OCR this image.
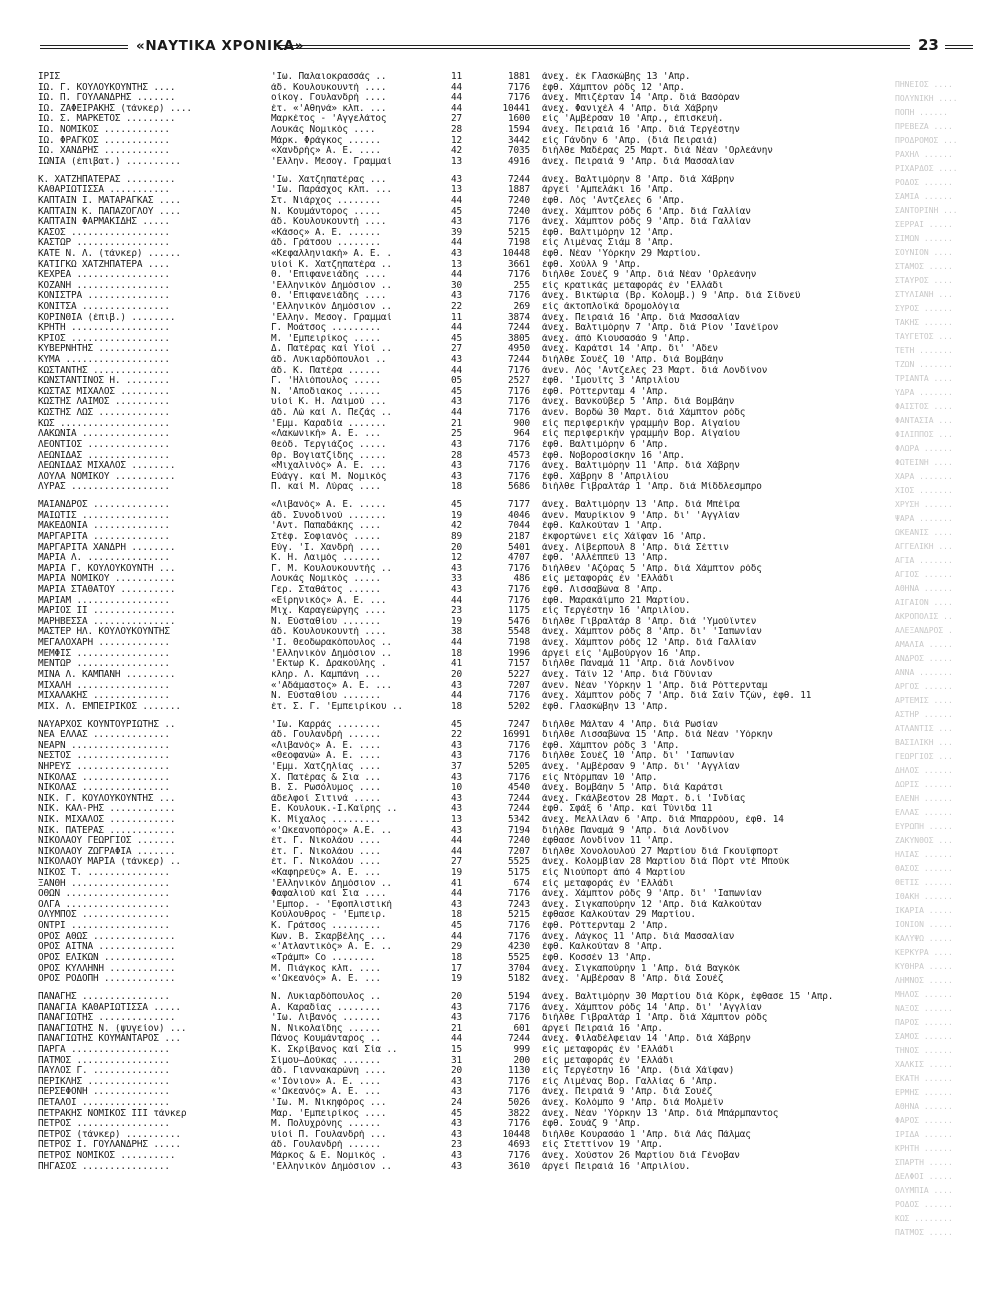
«ΝΑΥΤΙΚΑ ΧΡΟΝΙΚΑ»	23
ΠΗΝΕΙΟΣ ....
ΠΟΛΥΝΙΚΗ ....
ΠΟΠΗ ......
ΠΡΕΒΕΖΑ ....
ΠΡΟΔΡΟΜΟΣ ...
ΡΑΧΗΛ ......
ΡΙΧΑΡΔΟΣ ....
ΡΟΔΟΣ ......
ΣΑΜΙΑ ......
ΣΑΝΤΟΡΙΝΗ ...
ΣΕΡΡΑΙ .....
ΣΙΜΩΝ ......
ΣΟΥΝΙΟΝ ....
ΣΤΑΜΟΣ .....
ΣΤΑΥΡΟΣ ....
ΣΤΥΛΙΑΝΗ ...
ΣΥΡΟΣ ......
ΤΑΚΗΣ ......
ΤΑΥΓΕΤΟΣ ...
ΤΕΤΗ .......
ΤΖΩΝ .......
ΤΡΙΑΝΤΑ ....
ΥΔΡΑ .......
ΦΑΙΣΤΟΣ ....
ΦΑΝΤΑΣΙΑ ...
ΦΙΛΙΠΠΟΣ ...
ΦΛΩΡΑ ......
ΦΩΤΕΙΝΗ ....
ΧΑΡΑ .......
ΧΙΟΣ .......
ΧΡΥΣΗ ......
ΨΑΡΑ .......
ΩΚΕΑΝΙΣ ....
ΑΓΓΕΛΙΚΗ ...
ΑΓΙΑ .......
ΑΓΙΟΣ ......
ΑΘΗΝΑ ......
ΑΙΓΑΙΟΝ ....
ΑΚΡΟΠΟΛΙΣ ..
ΑΛΕΞΑΝΔΡΟΣ .
ΑΜΑΛΙΑ .....
ΑΝΔΡΟΣ .....
ΑΝΝΑ .......
ΑΡΓΟΣ ......
ΑΡΤΕΜΙΣ ....
ΑΣΤΗΡ ......
ΑΤΛΑΝΤΙΣ ...
ΒΑΣΙΛΙΚΗ ...
ΓΕΩΡΓΙΟΣ ...
ΔΗΛΟΣ ......
ΔΩΡΙΣ ......
ΕΛΕΝΗ ......
ΕΛΛΑΣ ......
ΕΥΡΩΠΗ .....
ΖΑΚΥΝΘΟΣ ...
ΗΛΙΑΣ ......
ΘΑΣΟΣ ......
ΘΕΤΙΣ ......
ΙΘΑΚΗ ......
ΙΚΑΡΙΑ .....
ΙΟΝΙΟΝ .....
ΚΑΛΥΨΩ .....
ΚΕΡΚΥΡΑ ....
ΚΥΘΗΡΑ .....
ΛΗΜΝΟΣ .....
ΜΗΛΟΣ ......
ΝΑΞΟΣ ......
ΠΑΡΟΣ ......
ΣΑΜΟΣ ......
ΤΗΝΟΣ ......
ΧΑΛΚΙΣ .....
ΕΚΑΤΗ ......
ΕΡΜΗΣ ......
ΑΘΗΝΑ ......
ΦΑΡΟΣ ......
ΙΡΙΔΑ ......
ΚΡΗΤΗ ......
ΣΠΑΡΤΗ .....
ΔΕΛΦΟΙ .....
ΟΛΥΜΠΙΑ ....
ΡΟΔΟΣ ......
ΚΩΣ ........
ΠΑΤΜΟΣ .....
ΙΡΙΣ	'Ιω. Παλαιοκρασσάς ..	11	1881	άνεχ. έκ Γλασκώβης 13 'Απρ.
ΙΩ. Γ. ΚΟΥΛΟΥΚΟΥΝΤΗΣ ....	άδ. Κουλουκουντή ....	44	7176	έφθ. Χάμπτον ρόδς 12 'Απρ.
ΙΩ. Π. ΓΟΥΛΑΝΔΡΗΣ .......	οίκογ. Γουλανδρή ....	44	7176	άνεχ. Μπιζέρταν 14 'Απρ. διά Βασόραν
ΙΩ. ΖΑΦΕΙΡΑΚΗΣ (τάνκερ) ....	έτ. «'Αθηνά» κλπ. ...	44	10441	άνεχ. Φανιχέλ 4 'Απρ. διά Χάβρην
ΙΩ. Σ. ΜΑΡΚΕΤΟΣ .........	Μαρκέτος - 'Αγγελάτος	27	1600	είς 'Αμβέρσαν 10 'Απρ., έπισκευή.
ΙΩ. ΝΟΜΙΚΟΣ ............	Λουκάς Νομικός ....	28	1594	άνεχ. Πειραιά 16 'Απρ. διά Τεργέστην
ΙΩ. ΦΡΑΓΚΟΣ ............	Μάρκ. Φράγκος ......	12	3442	είς Γάνδην 6 'Απρ. (διά Πειραιά)
ΙΩ. ΧΑΝΔΡΗΣ ............	«Χανδρής» Α. Ε. ....	42	7035	διήλθε Μαδέρας 25 Μαρτ. διά Νέαν 'Ορλεάνην
ΙΩΝΙΑ (έπιβατ.) ..........	'Ελλην. Μεσογ. Γραμμαί	13	4916	άνεχ. Πειραιά 9 'Απρ. διά Μασσαλίαν
Κ. ΧΑΤΖΗΠΑΤΕΡΑΣ .........	'Ιω. Χατζηπατέρας ...	43	7244	άνεχ. Βαλτιμόρην 8 'Απρ. διά Χάβρην
ΚΑΘΑΡΙΩΤΙΣΣΑ ...........	'Ιω. Παράσχος κλπ. ...	13	1887	άργεί 'Αμπελάκι 16 'Απρ.
ΚΑΠΤΑΙΝ Ι. ΜΑΤΑΡΑΓΚΑΣ ....	Στ. Νιάρχος ........	44	7240	έφθ. Λός 'Αντζελες 6 'Απρ.
ΚΑΠΤΑΙΝ Κ. ΠΑΠΑΖΟΓΛΟΥ ....	Ν. Κουμάντορος .....	45	7240	άνεχ. Χάμπτον ρόδς 6 'Απρ. διά Γαλλίαν
ΚΑΠΤΑΙΝ ΦΑΡΜΑΚΙΔΗΣ .....	άδ. Κουλουκουντή ....	43	7176	άνεχ. Χάμπτον ρόδς 9 'Απρ. διά Γαλλίαν
ΚΑΣΟΣ ..................	«Κάσος» Α. Ε. ......	39	5215	έφθ. Βαλτιμόρην 12 'Απρ.
ΚΑΣΤΩΡ .................	άδ. Γράτσου ........	44	7198	είς Λιμένας Σιάμ 8 'Απρ.
ΚΑΤΕ Ν. Λ. (τάνκερ) ......	«Κεφαλληνιακή» Α. Ε. .	43	10448	έφθ. Νέαν 'Υόρκην 29 Μαρτίου.
ΚΑΤΙΓΚΩ ΧΑΤΖΗΠΑΤΕΡΑ ....	υίοί Κ. Χατζηπατέρα ..	13	3661	έφθ. Χούλλ 9 'Απρ.
ΚΕΧΡΕΑ .................	Θ. 'Επιφανειάδης ....	44	7176	διήλθε Σουέζ 9 'Απρ. διά Νέαν 'Ορλεάνην
ΚΟΖΑΝΗ .................	'Ελληνικόν Δημόσιον ..	30	255	είς κρατικάς μεταφοράς έν 'Ελλάδι
ΚΟΝΙΣΤΡΑ ...............	Θ. 'Επιφανειάδης ....	43	7176	άνεχ. Βικτώρια (Βρ. Κολομβ.) 9 'Απρ. διά Σίδνεϋ
ΚΟΝΙΤΣΑ ................	'Ελληνικόν Δημόσιον ..	22	269	είς άκτοπλοϊκά δρομολόγια
ΚΟΡΙΝΘΙΑ (έπιβ.) ........	'Ελλην. Μεσογ. Γραμμαί	11	3874	άνεχ. Πειραιά 16 'Απρ. διά Μασσαλίαν
ΚΡΗΤΗ ..................	Γ. Μοάτσος .........	44	7244	άνεχ. Βαλτιμόρην 7 'Απρ. διά Ρίον 'Ιανέϊρον
ΚΡΙΟΣ ..................	Μ. 'Εμπειρίκος .....	45	3805	άνεχ. άπό Κιουσασάο 9 'Απρ.
ΚΥΒΕΡΝΗΤΗΣ .............	Δ. Πατέρας καί Υίοί ..	27	4950	άνεχ. Καράτσι 14 'Απρ. δι' 'Αδεν
ΚΥΜΑ ...................	άδ. Λυκιαρδόπουλοι ..	43	7244	διήλθε Σουέζ 10 'Απρ. διά Βομβάην
ΚΩΣΤΑΝΤΗΣ ..............	άδ. Κ. Πατέρα ......	44	7176	άνεν. Λός 'Αντζελες 23 Μαρτ. διά Λονδίνον
ΚΩΝΣΤΑΝΤΙΝΟΣ Η. ........	Γ. 'Ηλιόπουλος .....	05	2527	έφθ. 'Ιμουϊτς 3 'Απριλίου
ΚΩΣΤΑΣ ΜΙΧΑΛΟΣ .........	Ν. 'Αποδιακος ......	45	7176	έφθ. Ρόττερνταμ 4 'Απρ.
ΚΩΣΤΗΣ ΛΑΙΜΟΣ ..........	υίοί Κ. Η. Λαιμού ...	43	7176	άνεχ. Βανκούβερ 5 'Απρ. διά Βομβάην
ΚΩΣΤΗΣ ΛΩΣ .............	άδ. Λώ καί Λ. Πεζάς ..	44	7176	άνεν. Βορδώ 30 Μαρτ. διά Χάμπτον ρόδς
ΚΩΣ ....................	'Εμμ. Καραδία .......	21	900	είς περιφερικήν γραμμήν Βορ. Αίγαίου
ΛΑΚΩΝΙΑ ................	«Λακωνική» Α. Ε. ...	25	964	είς περιφερικήν γραμμήν Βορ. Αίγαίου
ΛΕΟΝΤΙΟΣ ...............	Θεόδ. Τεργιάζος .....	43	7176	έφθ. Βαλτιμόρην 6 'Απρ.
ΛΕΩΝΙΔΑΣ ...............	Θρ. Βογιατζίδης .....	28	4573	έφθ. Νοβοροσίσκην 16 'Απρ.
ΛΕΩΝΙΔΑΣ ΜΙΧΑΛΟΣ ........	«Μιχαλινός» Α. Ε. ...	43	7176	άνεχ. Βαλτιμόρην 11 'Απρ. διά Χάβρην
ΛΟΥΛΑ ΝΟΜΙΚΟΥ ...........	Εύάγγ. καί Μ. Νομικός	43	7176	έφθ. Χάβρην 8 'Απριλίου
ΛΥΡΑΣ ..................	Π. καί Μ. Λύρας ....	18	5686	διήλθε Γιβραλτάρ 1 'Απρ. διά Μίδδλεσμπρο
ΜΑΙΑΝΔΡΟΣ ..............	«Λιβανός» Α. Ε. .....	45	7177	άνεχ. Βαλτιμόρην 13 'Απρ. διά Μπέϊρα
ΜΑΙΩΤΙΣ ................	άδ. Συνοδινού .......	19	4046	άνεν. Μαυρίκιον 9 'Απρ. δι' 'Αγγλίαν
ΜΑΚΕΔΟΝΙΑ ..............	'Αντ. Παπαδάκης ....	42	7044	έφθ. Καλκούταν 1 'Απρ.
ΜΑΡΓΑΡΙΤΑ ..............	Στέφ. Σοφιανός .....	89	2187	έκφορτώνει είς Χάϊφαν 16 'Απρ.
ΜΑΡΓΑΡΙΤΑ ΧΑΝΔΡΗ ........	Εύγ. 'Ι. Χανδρή ....	20	5401	άνεχ. Λίβερπουλ 8 'Απρ. διά Σέττιν
ΜΑΡΙΑ Λ. ...............	Κ. Η. Λαιμός .......	12	4707	έφθ. 'Αλλέππεϋ 13 'Απρ.
ΜΑΡΙΑ Γ. ΚΟΥΛΟΥΚΟΥΝΤΗ ...	Γ. Μ. Κουλουκουντής ..	43	7176	διήλθεν 'Αζόρας 5 'Απρ. διά Χάμπτον ρόδς
ΜΑΡΙΑ ΝΟΜΙΚΟΥ ...........	Λουκάς Νομικός .....	33	486	είς μεταφοράς έν 'Ελλάδι
ΜΑΡΙΑ ΣΤΑΘΑΤΟΥ ..........	Γερ. Σταθάτος ......	43	7176	έφθ. Λισσαβώνα 8 'Απρ.
ΜΑΡΙΑΜ .................	«Είρηνικός» Α. Ε. ...	44	7176	έφθ. Μαρακάϊμπο 21 Μαρτίου.
ΜΑΡΙΟΣ ΙΙ ...............	Μιχ. Καραγεώργης ....	23	1175	είς Τεργέστην 16 'Απριλίου.
ΜΑΡΗΒΕΣΣΑ ...............	Ν. Εύσταθίου .......	19	5476	διήλθε Γιβραλτάρ 8 'Απρ. διά 'Υμούϊντεν
ΜΑΣΤΕΡ ΗΛ. ΚΟΥΛΟΥΚΟΥΝΤΗΣ	άδ. Κουλουκουντή ....	38	5548	άνεχ. Χάμπτον ρόδς 8 'Απρ. δι' 'Ιαπωνίαν
ΜΕΓΑΛΟΧΑΡΗ .............	'Ι. Θεοδωρακόπουλος ..	44	7198	άνεχ. Χάμπτον ρόδς 12 'Απρ. διά Γαλλίαν
ΜΕΜΦΙΣ .................	'Ελληνικόν Δημόσιον ..	18	1996	άργεί είς 'Αμβούργον 16 'Απρ.
ΜΕΝΤΩΡ .................	'Εκτωρ Κ. Δρακούλης .	41	7157	διήλθε Παναμά 11 'Απρ. διά Λονδίνον
ΜΙΝΑ Λ. ΚΑΜΠΑΝΗ .........	κληρ. Λ. Καμπάνη ...	20	5227	άνεχ. Τάϊν 12 'Απρ. διά Γδύνιαν
ΜΙΧΑΛΗ .................	«'Αδάμαστος» Α. Ε. ...	43	7207	άνεν. Νέαν 'Υόρκην 1 'Απρ. διά Ρόττερνταμ
ΜΙΧΑΛΑΚΗΣ ..............	Ν. Εύσταθίου .......	44	7176	άνεχ. Χάμπτον ρόδς 7 'Απρ. διά Σαίν Τζών, έφθ. 11
ΜΙΧ. Λ. ΕΜΠΕΙΡΙΚΟΣ .......	έτ. Σ. Γ. 'Εμπειρίκου ..	18	5202	έφθ. Γλασκώβην 13 'Απρ.
ΝΑΥΑΡΧΟΣ ΚΟΥΝΤΟΥΡΙΩΤΗΣ ..	'Ιω. Καρράς ........	45	7247	διήλθε Μάλταν 4 'Απρ. διά Ρωσίαν
ΝΕΑ ΕΛΛΑΣ ..............	άδ. Γουλανδρή ......	22	16991	διήλθε Λισσαβώνα 15 'Απρ. διά Νέαν 'Υόρκην
ΝΕΑΡΝ ..................	«Λιβανός» Α. Ε. ....	43	7176	έφθ. Χάμπτον ρόδς 3 'Απρ.
ΝΕΣΤΟΣ .................	«Θεοφανώ» Α. Ε. ....	43	7176	διήλθε Σουέζ 10 'Απρ. δι' 'Ιαπωνίαν
ΝΗΡΕΥΣ .................	'Εμμ. Χατζηλίας ....	37	5205	άνεχ. 'Αμβέρσαν 9 'Απρ. δι' 'Αγγλίαν
ΝΙΚΟΛΑΣ ................	Χ. Πατέρας & Σια ...	43	7176	είς Ντόρμπαν 10 'Απρ.
ΝΙΚΟΛΑΣ ................	Β. Σ. Ρωσόλυμος ....	10	4540	άνεχ. Βομβάην 5 'Απρ. διά Καράτσι
ΝΙΚ. Γ. ΚΟΥΛΟΥΚΟΥΝΤΗΣ ...	άδελφοί Σιτινά .....	43	7244	άνεχ. Γκάλβεστον 28 Μαρτ. δ.ί 'Ινδίας
ΝΙΚ. ΚΑΛ-ΡΗΣ ............	Ε. Κουλουκ.-Ι.Καϊρης ..	43	7244	έφθ. Σφάξ 6 'Απρ. καί Τύνιδα 11
ΝΙΚ. ΜΙΧΑΛΟΣ ............	Κ. Μίχαλος .........	13	5342	άνεχ. Μελλίλαν 6 'Απρ. διά Μπαρρόου, έφθ. 14
ΝΙΚ. ΠΑΤΕΡΑΣ ............	«'Ωκεανοπόρος» Α.Ε. ..	43	7194	διήλθε Παναμά 9 'Απρ. διά Λονδίνον
ΝΙΚΟΛΑΟΥ ΓΕΩΡΓΙΟΣ .......	έτ. Γ. Νικολάου ....	44	7240	έφθασε Λονδίνον 11 'Απρ.
ΝΙΚΟΛΑΟΥ ΖΩΓΡΑΦΙΑ .......	έτ. Γ. Νικολάου ....	44	7207	διήλθε Χονολουλού 27 Μαρτίου διά Γκουϊφπορτ
ΝΙΚΟΛΑΟΥ ΜΑΡΙΑ (τάνκερ) ..	έτ. Γ. Νικολάου ....	27	5525	άνεχ. Κολομβίαν 28 Μαρτίου διά Πόρτ ντέ Μπούκ
ΝΙΚΟΣ Τ. ...............	«Καφηρεύς» Α. Ε. ...	19	5175	είς Νιούπορτ άπό 4 Μαρτίου
ΞΑΝΘΗ ..................	'Ελληνικόν Δημόσιον ..	41	674	είς μεταφοράς έν 'Ελλάδι
ΟΘΩΝ ...................	Φαφαλιού καί Σια ....	44	7176	άνεχ. Χάμπτον ρόδς 9 'Απρ. δι' 'Ιαπωνίαν
ΟΛΓΑ ...................	'Εμπορ. - 'Εφοπλιστική	43	7243	άνεχ. Σιγκαπούρην 12 'Απρ. διά Καλκούταν
ΟΛΥΜΠΟΣ ................	Κούλουθρος - 'Εμπειρ.	18	5215	έφθασε Καλκούταν 29 Μαρτίου.
ΟΝΤΡΙ ..................	Κ. Γράτσος .........	45	7176	έφθ. Ρόττερνταμ 2 'Απρ.
ΟΡΟΣ ΑΘΩΣ ...............	Κων. Β. Σκαρβέλης ...	44	7176	άνεχ. Λάγκος 11 'Απρ. διά Μασσαλίαν
ΟΡΟΣ ΑΙΤΝΑ ..............	«'Ατλαντικός» Α. Ε. ..	29	4230	έφθ. Καλκούταν 8 'Απρ.
ΟΡΟΣ ΕΛΙΚΩΝ .............	«Τράμπ» Co ........	18	5525	έφθ. Κοσσέν 13 'Απρ.
ΟΡΟΣ ΚΥΛΛΗΝΗ ............	Μ. Πιάγκος κλπ. ....	17	3704	άνεχ. Σιγκαπούρην 1 'Απρ. διά Βαγκόκ
ΟΡΟΣ ΡΟΔΟΠΗ .............	«'Ωκεανός» Α. Ε. ...	19	5182	άνεχ. 'Αμβέρσαν 8 'Απρ. διά Σουέζ
ΠΑΝΑΓΗΣ ................	Ν. Λυκιαρδόπουλος ..	20	5194	άνεχ. Βαλτιμόρην 30 Μαρτίου διά Κόρκ, έφθασε 15 'Απρ.
ΠΑΝΑΓΙΑ ΚΑΘΑΡΙΩΤΙΣΣΑ .....	Α. Καραδίας ........	43	7176	άνεχ. Χάμπτον ρόδς 14 'Απρ. δι' 'Αγγλίαν
ΠΑΝΑΓΙΩΤΗΣ ..............	'Ιω. Λιβανός .......	43	7176	διήλθε Γιβραλτάρ 1 'Απρ. διά Χάμπτον ρόδς
ΠΑΝΑΓΙΩΤΗΣ Ν. (ψυγείον) ...	Ν. Νικολαΐδης ......	21	601	άργεί Πειραιά 16 'Απρ.
ΠΑΝΑΓΙΩΤΗΣ ΚΟΥΜΑΝΤΑΡΟΣ ...	Πάνος Κουμάνταρος ..	44	7244	άνεχ. Φιλαδέλφειαν 14 'Απρ. διά Χάβρην
ΠΑΡΓΑ ..................	Κ. Σκρίβανος καί Σία ..	15	999	είς μεταφοράς έν 'Ελλάδι
ΠΑΤΜΟΣ .................	Σίμου—Δούκας .......	31	200	είς μεταφοράς έν 'Ελλάδι
ΠΑΥΛΟΣ Γ. ..............	άδ. Γιαννακαρώνη ....	20	1130	είς Τεργέστην 16 'Απρ. (διά Χάϊφαν)
ΠΕΡΙΚΛΗΣ ...............	«'Ιόνιον» Α. Ε. ....	43	7176	είς Λιμένας Βορ. Γαλλίας 6 'Απρ.
ΠΕΡΣΕΦΟΝΗ ..............	«'Ωκεανός» Α. Ε. ...	43	7176	άνεχ. Πειραιά 9 'Απρ. διά Σουέζ
ΠΕΤΑΛΟΙ ................	'Ιω. Μ. Νικηφόρος ...	24	5026	άνεχ. Κολόμπο 9 'Απρ. διά Μολμέϊν
ΠΕΤΡΑΚΗΣ ΝΟΜΙΚΟΣ ΙΙΙ τάνκερ	Μαρ. 'Εμπειρίκος ....	45	3822	άνεχ. Νέαν 'Υόρκην 13 'Απρ. διά Μπάρμπαντος
ΠΕΤΡΟΣ .................	Μ. Πολυχρόνης ......	43	7176	έφθ. Σουάζ 9 'Απρ.
ΠΕΤΡΟΣ (τάνκερ) ..........	υίοί Π. Γουλανδρή ...	43	10448	διήλθε Κουρασάο 1 'Απρ. διά Λάς Πάλμας
ΠΕΤΡΟΣ Ι. ΓΟΥΛΑΝΔΡΗΣ .....	άδ. Γουλανδρή ......	23	4693	είς Στεττίνον 19 'Απρ.
ΠΕΤΡΟΣ ΝΟΜΙΚΟΣ ..........	Μάρκος & Ε. Νομικός .	43	7176	άνεχ. Χούστον 26 Μαρτίου διά Γένοβαν
ΠΗΓΑΣΟΣ ................	'Ελληνικόν Δημόσιον ..	43	3610	άργεί Πειραιά 16 'Απριλίου.
